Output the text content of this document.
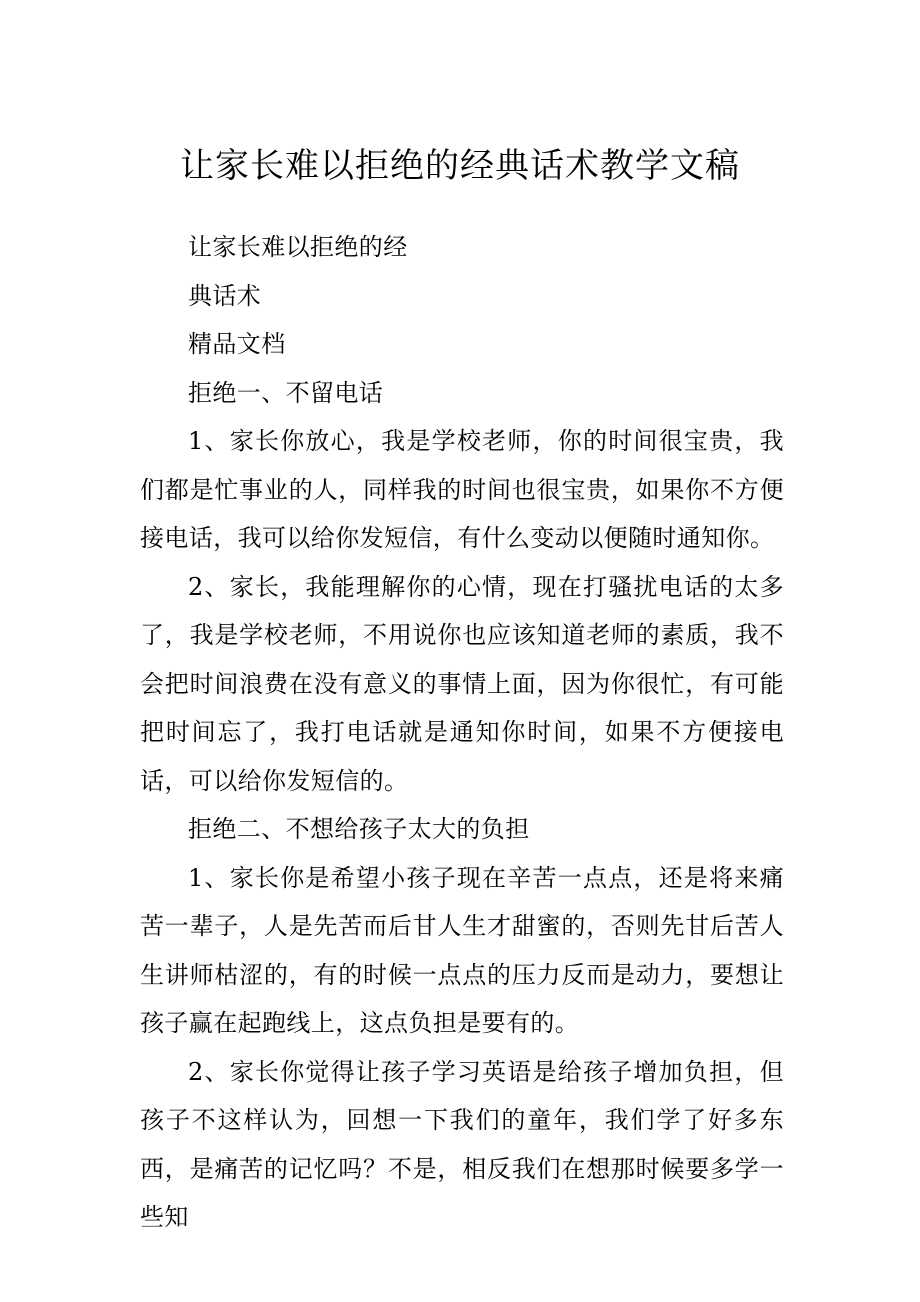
让家长难以拒绝的经典话术教学文稿

让家长难以拒绝的经

典话术

精品文档

拒绝一、不留电话

1、家长你放心，我是学校老师，你的时间很宝贵，我们都是忙事业的人，同样我的时间也很宝贵，如果你不方便接电话，我可以给你发短信，有什么变动以便随时通知你。

2、家长，我能理解你的心情，现在打骚扰电话的太多了，我是学校老师，不用说你也应该知道老师的素质，我不会把时间浪费在没有意义的事情上面，因为你很忙，有可能把时间忘了，我打电话就是通知你时间，如果不方便接电话，可以给你发短信的。

拒绝二、不想给孩子太大的负担

1、家长你是希望小孩子现在辛苦一点点，还是将来痛苦一辈子，人是先苦而后甘人生才甜蜜的，否则先甘后苦人生讲师枯涩的，有的时候一点点的压力反而是动力，要想让孩子赢在起跑线上，这点负担是要有的。

2、家长你觉得让孩子学习英语是给孩子增加负担，但孩子不这样认为，回想一下我们的童年，我们学了好多东西，是痛苦的记忆吗？不是，相反我们在想那时候要多学一些知
